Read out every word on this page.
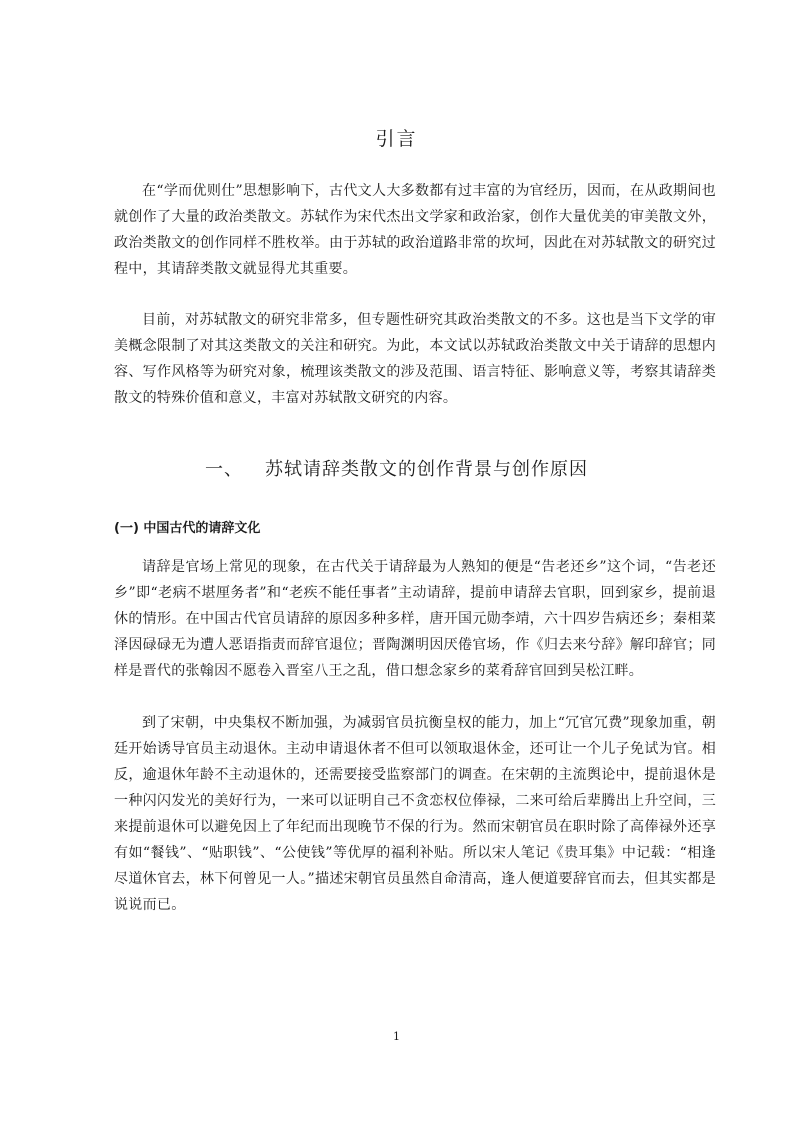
引言

在“学而优则仕”思想影响下，古代文人大多数都有过丰富的为官经历，因而，在从政期间也就创作了大量的政治类散文。苏轼作为宋代杰出文学家和政治家，创作大量优美的审美散文外，政治类散文的创作同样不胜枚举。由于苏轼的政治道路非常的坎坷，因此在对苏轼散文的研究过程中，其请辞类散文就显得尤其重要。

目前，对苏轼散文的研究非常多，但专题性研究其政治类散文的不多。这也是当下文学的审美概念限制了对其这类散文的关注和研究。为此，本文试以苏轼政治类散文中关于请辞的思想内容、写作风格等为研究对象，梳理该类散文的涉及范围、语言特征、影响意义等，考察其请辞类散文的特殊价值和意义，丰富对苏轼散文研究的内容。

一、 苏轼请辞类散文的创作背景与创作原因
(一) 中国古代的请辞文化

请辞是官场上常见的现象，在古代关于请辞最为人熟知的便是“告老还乡”这个词，“告老还乡”即“老病不堪厘务者”和“老疾不能任事者”主动请辞，提前申请辞去官职，回到家乡，提前退休的情形。在中国古代官员请辞的原因多种多样，唐开国元勋李靖，六十四岁告病还乡；秦相菜泽因碌碌无为遭人恶语指责而辞官退位；晋陶渊明因厌倦官场，作《归去来兮辞》解印辞官；同样是晋代的张翰因不愿卷入晋室八王之乱，借口想念家乡的菜肴辞官回到吴松江畔。

到了宋朝，中央集权不断加强，为减弱官员抗衡皇权的能力，加上“冗官冗费”现象加重，朝廷开始诱导官员主动退休。主动申请退休者不但可以领取退休金，还可让一个儿子免试为官。相反，逾退休年龄不主动退休的，还需要接受监察部门的调查。在宋朝的主流舆论中，提前退休是一种闪闪发光的美好行为，一来可以证明自己不贪恋权位俸禄，二来可给后辈腾出上升空间，三来提前退休可以避免因上了年纪而出现晚节不保的行为。然而宋朝官员在职时除了高俸禄外还享有如“餐钱”、“贴职钱”、“公使钱”等优厚的福利补贴。所以宋人笔记《贵耳集》中记载：“相逢尽道休官去，林下何曾见一人。”描述宋朝官员虽然自命清高，逢人便道要辞官而去，但其实都是说说而已。

1
